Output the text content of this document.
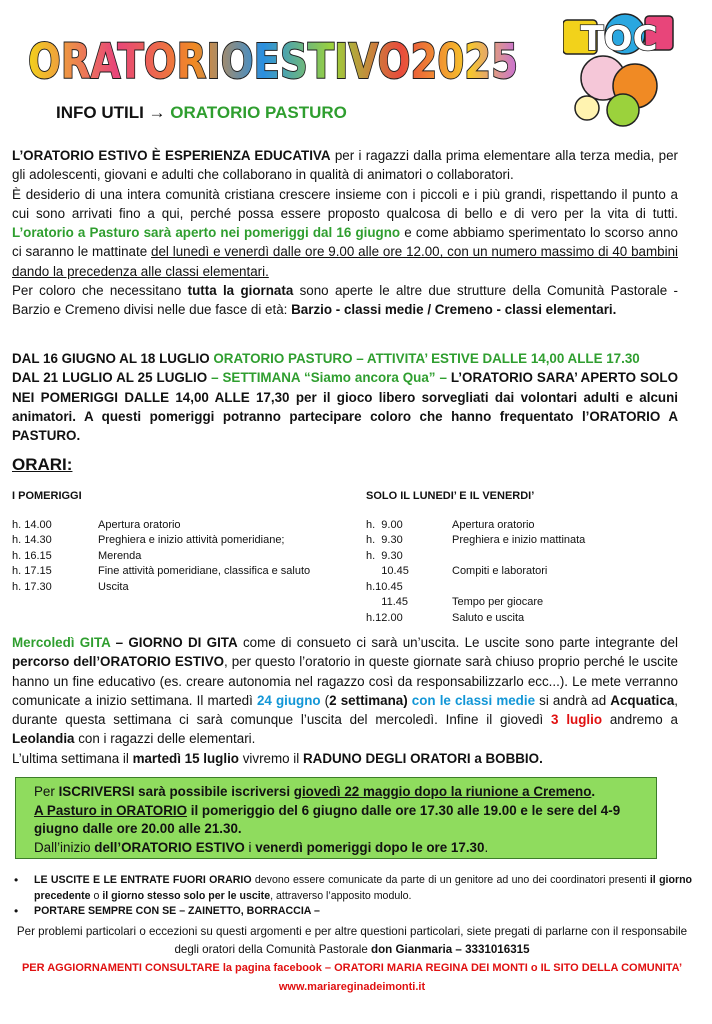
ORATORIOESTIVO2025 TOC
INFO UTILI → ORATORIO PASTURO

L’ORATORIO ESTIVO È ESPERIENZA EDUCATIVA per i ragazzi dalla prima elementare alla terza media, per gli adolescenti, giovani e adulti che collaborano in qualità di animatori o collaboratori.

È desiderio di una intera comunità cristiana crescere insieme con i piccoli e i più grandi, rispettando il punto a cui sono arrivati fino a qui, perché possa essere proposto qualcosa di bello e di vero per la vita di tutti. L’oratorio a Pasturo sarà aperto nei pomeriggi dal 16 giugno e come abbiamo sperimentato lo scorso anno ci saranno le mattinate del lunedì e venerdì dalle ore 9.00 alle ore 12.00, con un numero massimo di 40 bambini dando la precedenza alle classi elementari.

Per coloro che necessitano tutta la giornata sono aperte le altre due strutture della Comunità Pastorale - Barzio e Cremeno divisi nelle due fasce di età: Barzio - classi medie / Cremeno - classi elementari.

DAL 16 GIUGNO AL 18 LUGLIO ORATORIO PASTURO – ATTIVITA’ ESTIVE DALLE 14,00 ALLE 17.30
DAL 21 LUGLIO AL 25 LUGLIO – SETTIMANA “Siamo ancora Qua” – L’ORATORIO SARA’ APERTO SOLO NEI POMERIGGI DALLE 14,00 ALLE 17,30 per il gioco libero sorvegliati dai volontari adulti e alcuni animatori. A questi pomeriggi potranno partecipare coloro che hanno frequentato l’ORATORIO A PASTURO.
ORARI:
I POMERIGGI
h. 14.00	Apertura oratorio
h. 14.30	Preghiera e inizio attività pomeridiane;
h. 16.15	Merenda
h. 17.15	Fine attività pomeridiane, classifica e saluto
h. 17.30	Uscita
SOLO IL LUNEDI’ E IL VENERDI’
h.  9.00	Apertura oratorio
h.  9.30	Preghiera e inizio mattinata
h.  9.30
10.45	Compiti e laboratori
h.10.45
11.45	Tempo per giocare
h.12.00	Saluto e uscita
Mercoledì GITA – GIORNO DI GITA come di consueto ci sarà un’uscita. Le uscite sono parte integrante del percorso dell’ORATORIO ESTIVO, per questo l’oratorio in queste giornate sarà chiuso proprio perché le uscite hanno un fine educativo (es. creare autonomia nel ragazzo così da responsabilizzarlo ecc...). Le mete verranno comunicate a inizio settimana. Il martedì 24 giugno (2 settimana) con le classi medie si andrà ad Acquatica, durante questa settimana ci sarà comunque l’uscita del mercoledì. Infine il giovedì 3 luglio andremo a Leolandia con i ragazzi delle elementari.
L’ultima settimana il martedì 15 luglio vivremo il RADUNO DEGLI ORATORI a BOBBIO.
Per ISCRIVERSI sarà possibile iscriversi giovedì 22 maggio dopo la riunione a Cremeno.
A Pasturo in ORATORIO il pomeriggio del 6 giugno dalle ore 17.30 alle 19.00 e le sere del 4-9 giugno dalle ore 20.00 alle 21.30.
Dall’inizio dell’ORATORIO ESTIVO i venerdì pomeriggi dopo le ore 17.30.
•	LE USCITE E LE ENTRATE FUORI ORARIO devono essere comunicate da parte di un genitore ad uno dei coordinatori presenti il giorno precedente o il giorno stesso solo per le uscite, attraverso l’apposito modulo.
•	PORTARE SEMPRE CON SE – ZAINETTO, BORRACCIA –
Per problemi particolari o eccezioni su questi argomenti e per altre questioni particolari, siete pregati di parlarne con il responsabile degli oratori della Comunità Pastorale don Gianmaria – 3331016315
PER AGGIORNAMENTI CONSULTARE la pagina facebook – ORATORI MARIA REGINA DEI MONTI o IL SITO DELLA COMUNITA’ www.mariareginadeimonti.it
